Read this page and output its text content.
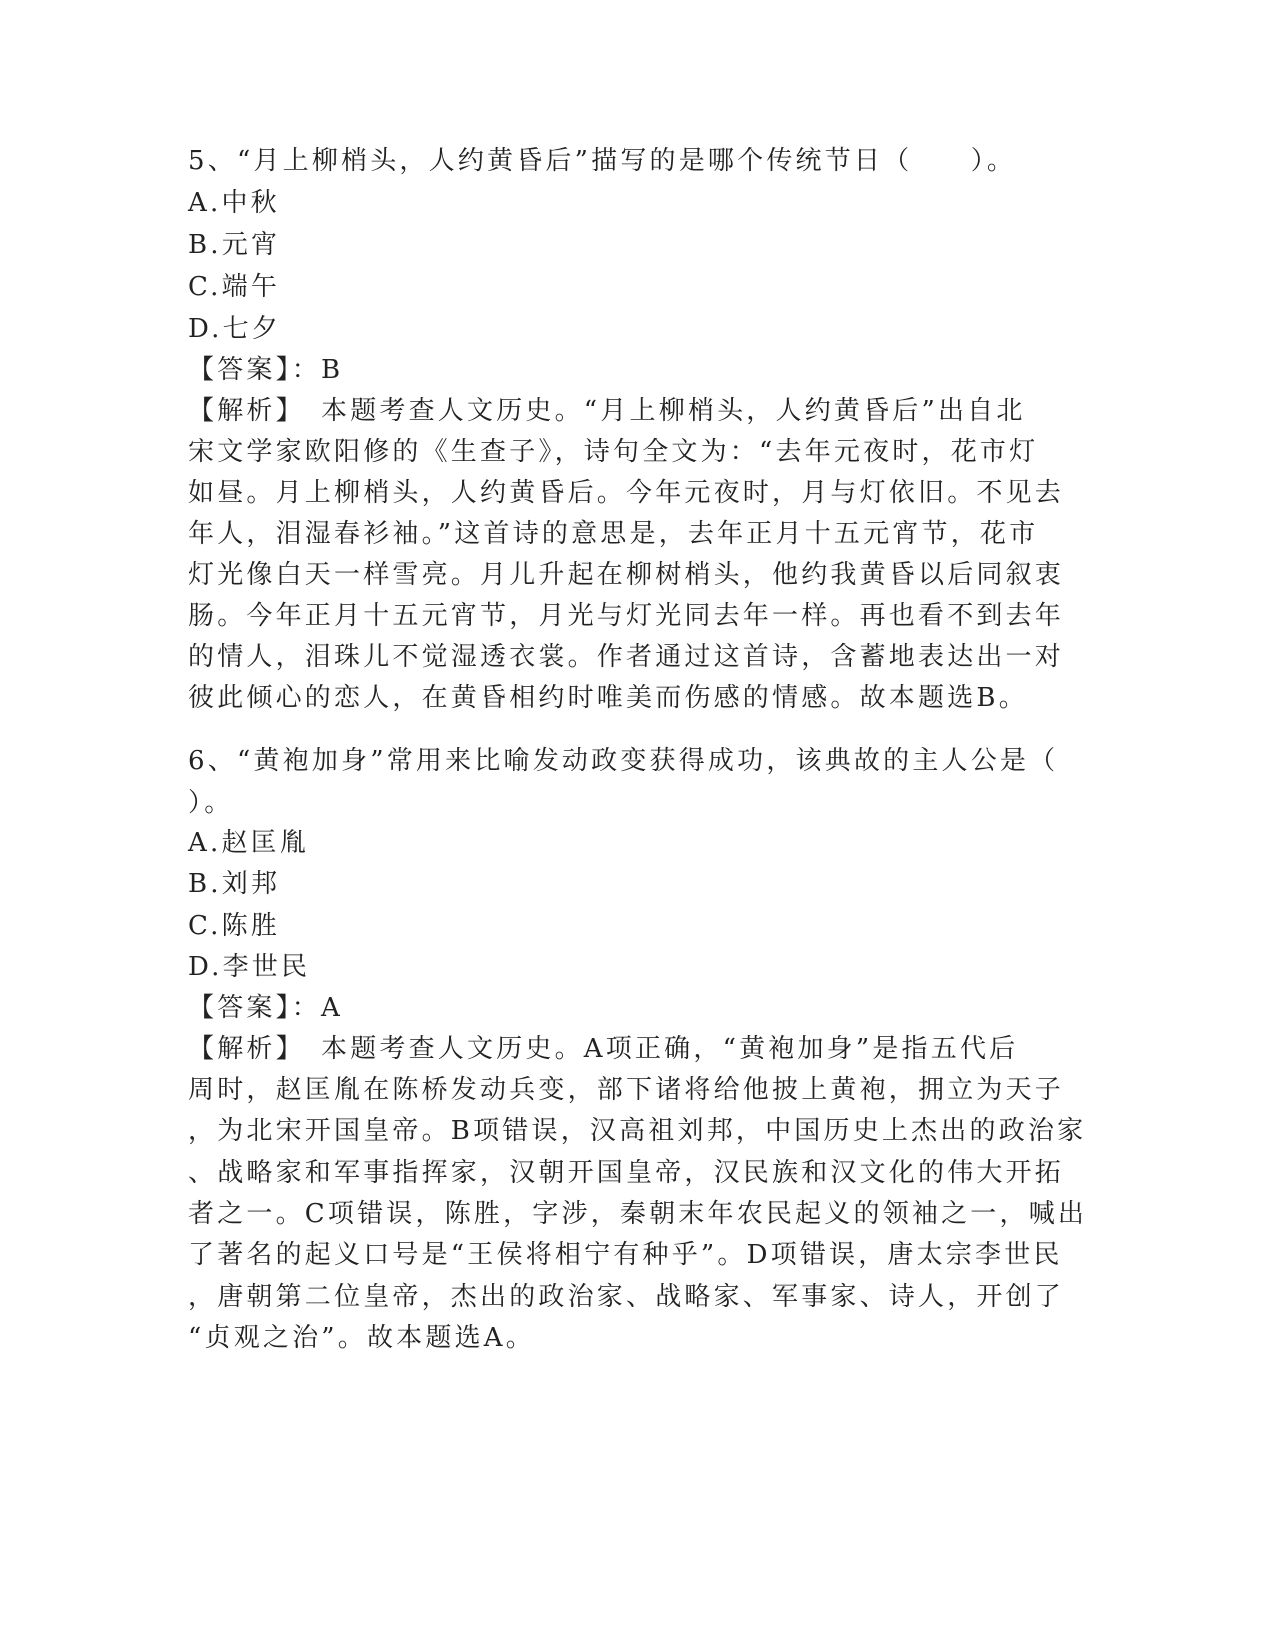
5、“月上柳梢头，人约黄昏后”描写的是哪个传统节日（　　）。
A.中秋
B.元宵
C.端午
D.七夕
【答案】：B
【解析】　本题考查人文历史。“月上柳梢头，人约黄昏后”出自北
宋文学家欧阳修的《生查子》，诗句全文为：“去年元夜时，花市灯
如昼。月上柳梢头，人约黄昏后。今年元夜时，月与灯依旧。不见去
年人，泪湿春衫袖。”这首诗的意思是，去年正月十五元宵节，花市
灯光像白天一样雪亮。月儿升起在柳树梢头，他约我黄昏以后同叙衷
肠。今年正月十五元宵节，月光与灯光同去年一样。再也看不到去年
的情人，泪珠儿不觉湿透衣裳。作者通过这首诗，含蓄地表达出一对
彼此倾心的恋人，在黄昏相约时唯美而伤感的情感。故本题选B。
6、“黄袍加身”常用来比喻发动政变获得成功，该典故的主人公是（
）。
A.赵匡胤
B.刘邦
C.陈胜
D.李世民
【答案】：A
【解析】　本题考查人文历史。A项正确，“黄袍加身”是指五代后
周时，赵匡胤在陈桥发动兵变，部下诸将给他披上黄袍，拥立为天子
，为北宋开国皇帝。B项错误，汉高祖刘邦，中国历史上杰出的政治家
、战略家和军事指挥家，汉朝开国皇帝，汉民族和汉文化的伟大开拓
者之一。C项错误，陈胜，字涉，秦朝末年农民起义的领袖之一，喊出
了著名的起义口号是“王侯将相宁有种乎”。D项错误，唐太宗李世民
，唐朝第二位皇帝，杰出的政治家、战略家、军事家、诗人，开创了
“贞观之治”。故本题选A。
